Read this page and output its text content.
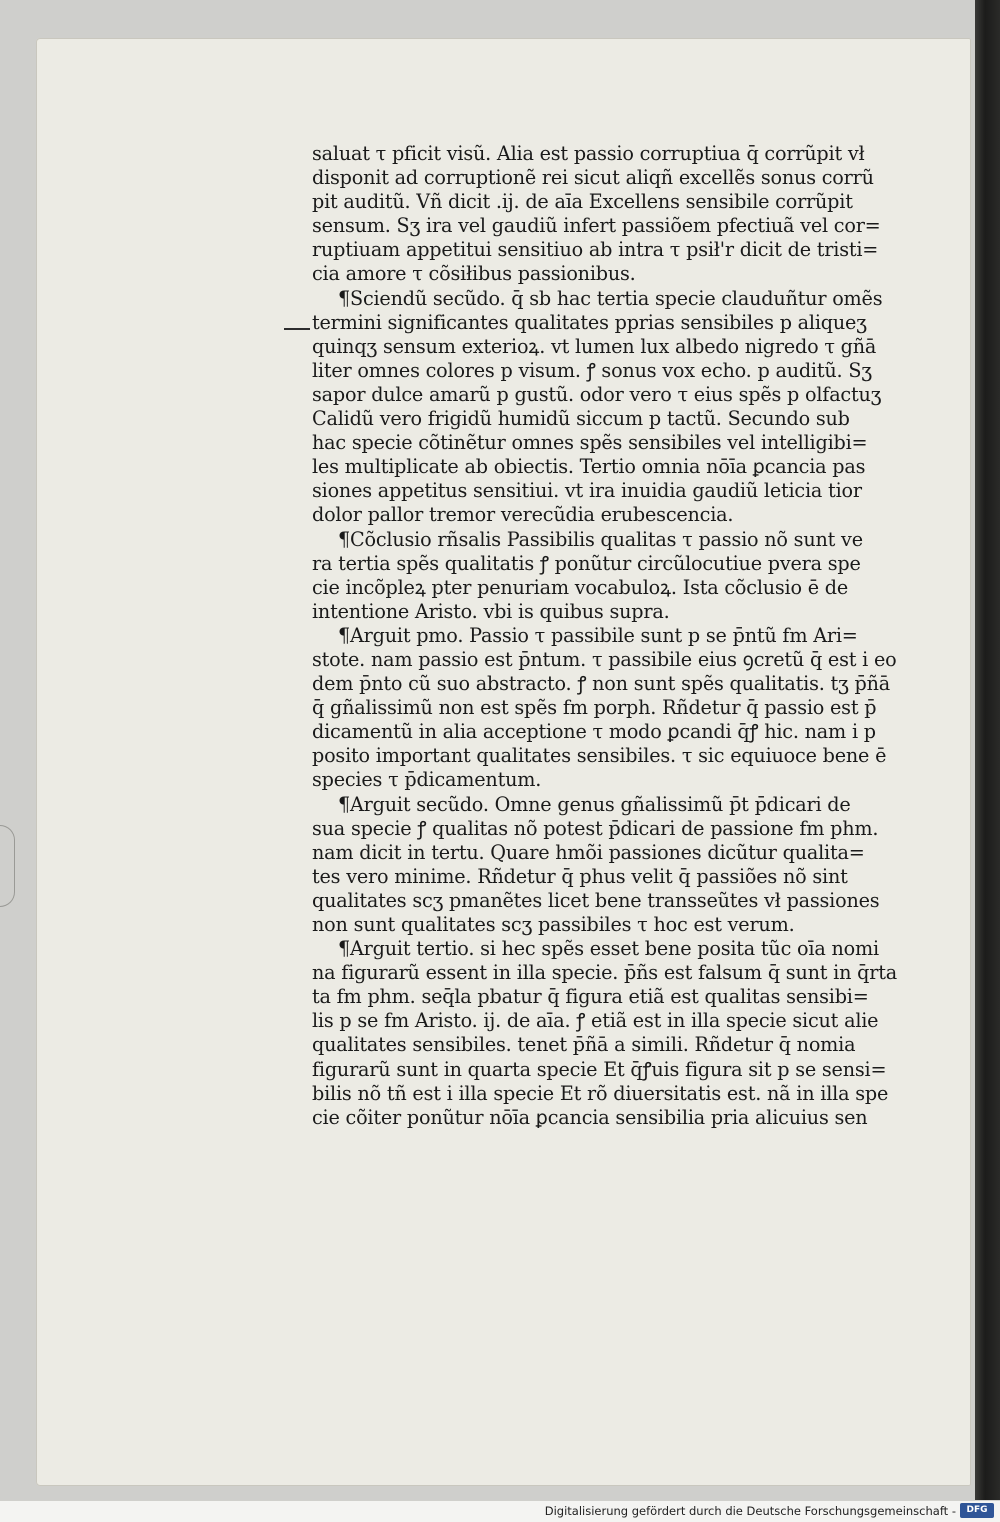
saluat τ pficit visũ. Alia est passio corruptiua q̄ corrũpit vł
disponit ad corruptionẽ rei sicut aliqñ excellẽs sonus corrũ
pit auditũ. Vñ dicit .ij. de aīa Excellens sensibile corrũpit
sensum. Sʒ ira vel gaudiũ infert passiõem pfectiuã vel cor=
ruptiuam appetitui sensitiuo ab intra τ psił'r dicit de tristi=
cia amore τ cõsiłibus passionibus.
¶Sciendũ secũdo. q̄ sb hac tertia specie clauduñtur omẽs
termini significantes qualitates pprias sensibiles p aliqueʒ
quinqʒ sensum exterioꝝ. vt lumen lux albedo nigredo τ gñā
liter omnes colores p visum. ꝭ sonus vox echo. p auditũ. Sʒ
sapor dulce amarũ p gustũ. odor vero τ eius spẽs p olfactuʒ
Calidũ vero frigidũ humidũ siccum p tactũ. Secundo sub
hac specie cõtinẽtur omnes spẽs sensibiles vel intelligibi=
les multiplicate ab obiectis. Tertio omnia nōīa ꝑcancia pas
siones appetitus sensitiui. vt ira inuidia gaudiũ leticia tior
dolor pallor tremor verecũdia erubescencia.
¶Cõclusio rñsalis Passibilis qualitas τ passio nõ sunt ve
ra tertia spẽs qualitatis ꝭ ponũtur circũlocutiue pvera spe
cie incõpleꝝ pter penuriam vocabuloꝝ. Ista cõclusio ē de
intentione Aristo. vbi is quibus supra.
¶Arguit pmo. Passio τ passibile sunt p se p̄ntũ fm Ari=
stote. nam passio est p̄ntum. τ passibile eius ꝯcretũ q̄ est i eo
dem p̄nto cũ suo abstracto. ꝭ non sunt spẽs qualitatis. tʒ p̄ñā
q̄ gñalissimũ non est spẽs fm porph. Rñdetur q̄ passio est p̄
dicamentũ in alia acceptione τ modo ꝑcandi q̄ꝭ hic. nam i p
posito important qualitates sensibiles. τ sic equiuoce bene ē
species τ p̄dicamentum.
¶Arguit secũdo. Omne genus gñalissimũ p̄t p̄dicari de
sua specie ꝭ qualitas nõ potest p̄dicari de passione fm phm.
nam dicit in tertu. Quare hmõi passiones dicũtur qualita=
tes vero minime. Rñdetur q̄ phus velit q̄ passiões nõ sint
qualitates scʒ pmanẽtes licet bene transseũtes vł passiones
non sunt qualitates scʒ passibiles τ hoc est verum.
¶Arguit tertio. si hec spẽs esset bene posita tũc oīa nomi
na figurarũ essent in illa specie. p̄ñs est falsum q̄ sunt in q̄rta
ta fm phm. seq̄la pbatur q̄ figura etiã est qualitas sensibi=
lis p se fm Aristo. ij. de aīa. ꝭ etiã est in illa specie sicut alie
qualitates sensibiles. tenet p̄ñā a simili. Rñdetur q̄ nomia
figurarũ sunt in quarta specie Et q̄ꝭuis figura sit p se sensi=
bilis nõ tñ est i illa specie Et rõ diuersitatis est. nã in illa spe
cie cõiter ponũtur nōīa ꝑcancia sensibilia pria alicuius sen
Digitalisierung gefördert durch die Deutsche Forschungsgemeinschaft -	DFG
